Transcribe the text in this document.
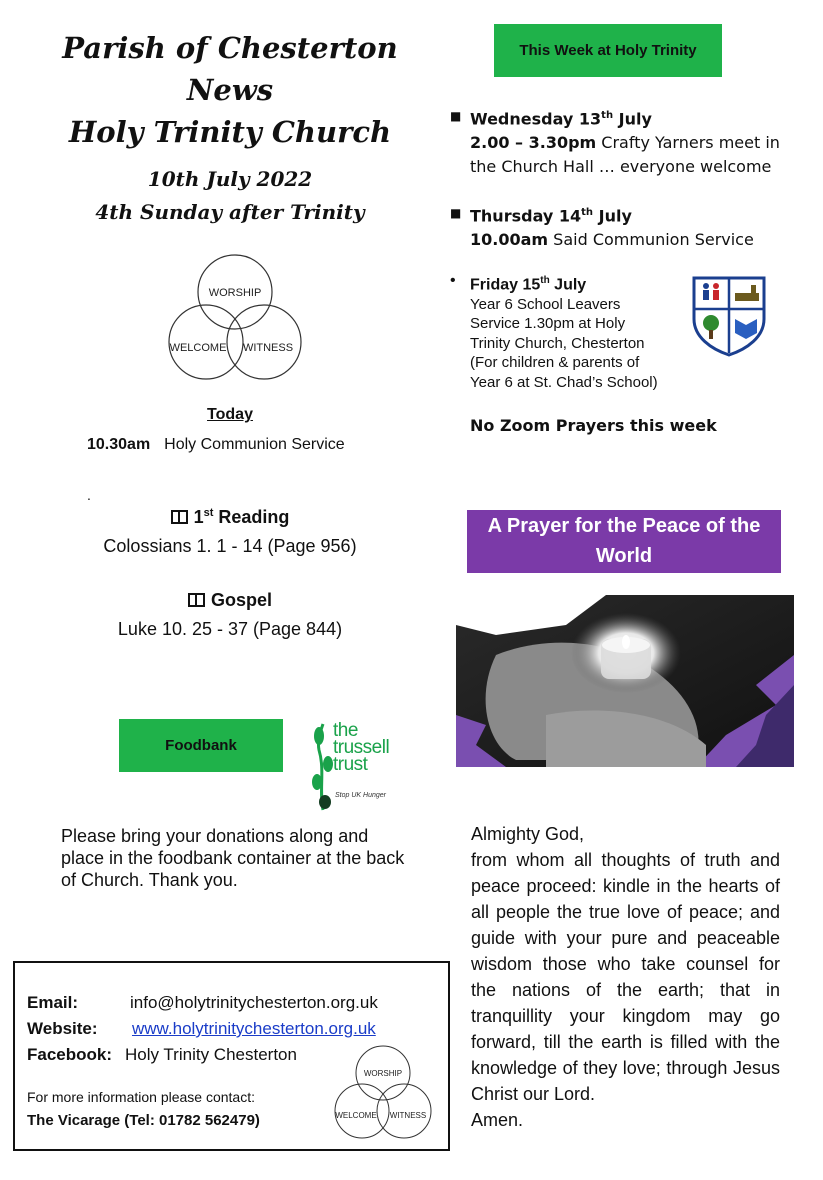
Parish of Chesterton
News
Holy Trinity Church
10th July 2022
4th Sunday after Trinity
WORSHIP
WELCOME WITNESS
Today
10.30am Holy Communion Service
.
1st Reading
Colossians 1. 1 - 14 (Page 956)
Gospel
Luke 10. 25 - 37 (Page 844)
Foodbank
the
trussell
trust
Stop UK Hunger
Please bring your donations along and place in the foodbank container at the back of Church. Thank you.
Email:	info@holytrinitychesterton.org.uk
Website: www.holytrinitychesterton.org.uk
Facebook: Holy Trinity Chesterton
For more information please contact:
The Vicarage (Tel: 01782 562479)
WORSHIP
WELCOME WITNESS
This Week at Holy Trinity
■ Wednesday 13th July
2.00 – 3.30pm Crafty Yarners meet in
the Church Hall … everyone welcome
■ Thursday 14th July
10.00am Said Communion Service
• Friday 15th July
Year 6 School Leavers
Service 1.30pm at Holy
Trinity Church, Chesterton
(For children & parents of
Year 6 at St. Chad’s School)
No Zoom Prayers this week
A Prayer for the Peace of the World
Almighty God,
from whom all thoughts of truth and peace proceed: kindle in the hearts of all people the true love of peace; and guide with your pure and peaceable wisdom those who take counsel for the nations of the earth; that in tranquillity your kingdom may go forward, till the earth is filled with the knowledge of they love; through Jesus Christ our Lord.
Amen.
